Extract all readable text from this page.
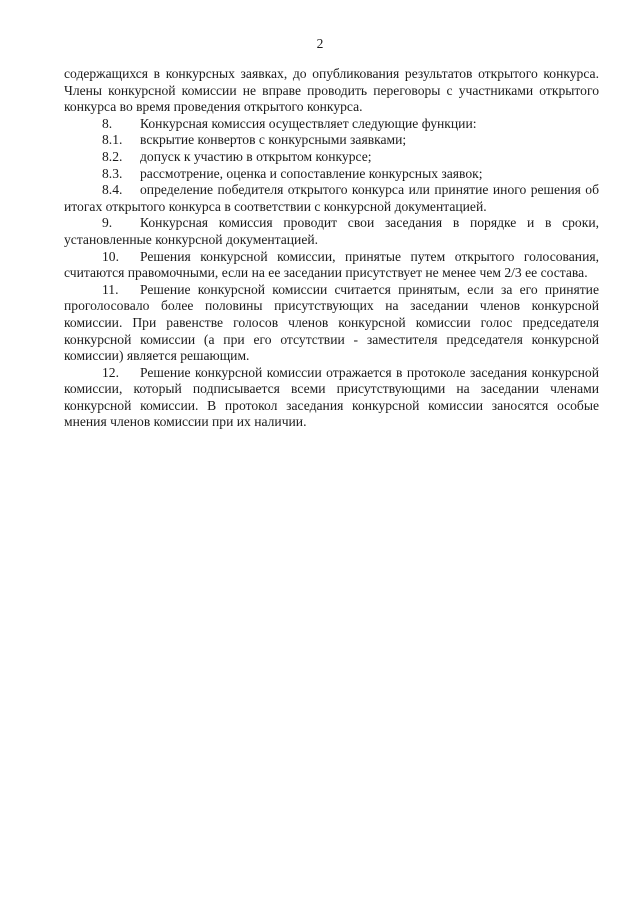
2

содержащихся в конкурсных заявках, до опубликования результатов открытого конкурса. Члены конкурсной комиссии не вправе проводить переговоры с участниками открытого конкурса во время проведения открытого конкурса.

8. Конкурсная комиссия осуществляет следующие функции:

8.1. вскрытие конвертов с конкурсными заявками;

8.2. допуск к участию в открытом конкурсе;

8.3. рассмотрение, оценка и сопоставление конкурсных заявок;

8.4. определение победителя открытого конкурса или принятие иного решения об итогах открытого конкурса в соответствии с конкурсной документацией.

9. Конкурсная комиссия проводит свои заседания в порядке и в сроки, установленные конкурсной документацией.

10. Решения конкурсной комиссии, принятые путем открытого голосования, считаются правомочными, если на ее заседании присутствует не менее чем 2/3 ее состава.

11. Решение конкурсной комиссии считается принятым, если за его принятие проголосовало более половины присутствующих на заседании членов конкурсной комиссии. При равенстве голосов членов конкурсной комиссии голос председателя конкурсной комиссии (а при его отсутствии - заместителя председателя конкурсной комиссии) является решающим.

12. Решение конкурсной комиссии отражается в протоколе заседания конкурсной комиссии, который подписывается всеми присутствующими на заседании членами конкурсной комиссии. В протокол заседания конкурсной комиссии заносятся особые мнения членов комиссии при их наличии.
